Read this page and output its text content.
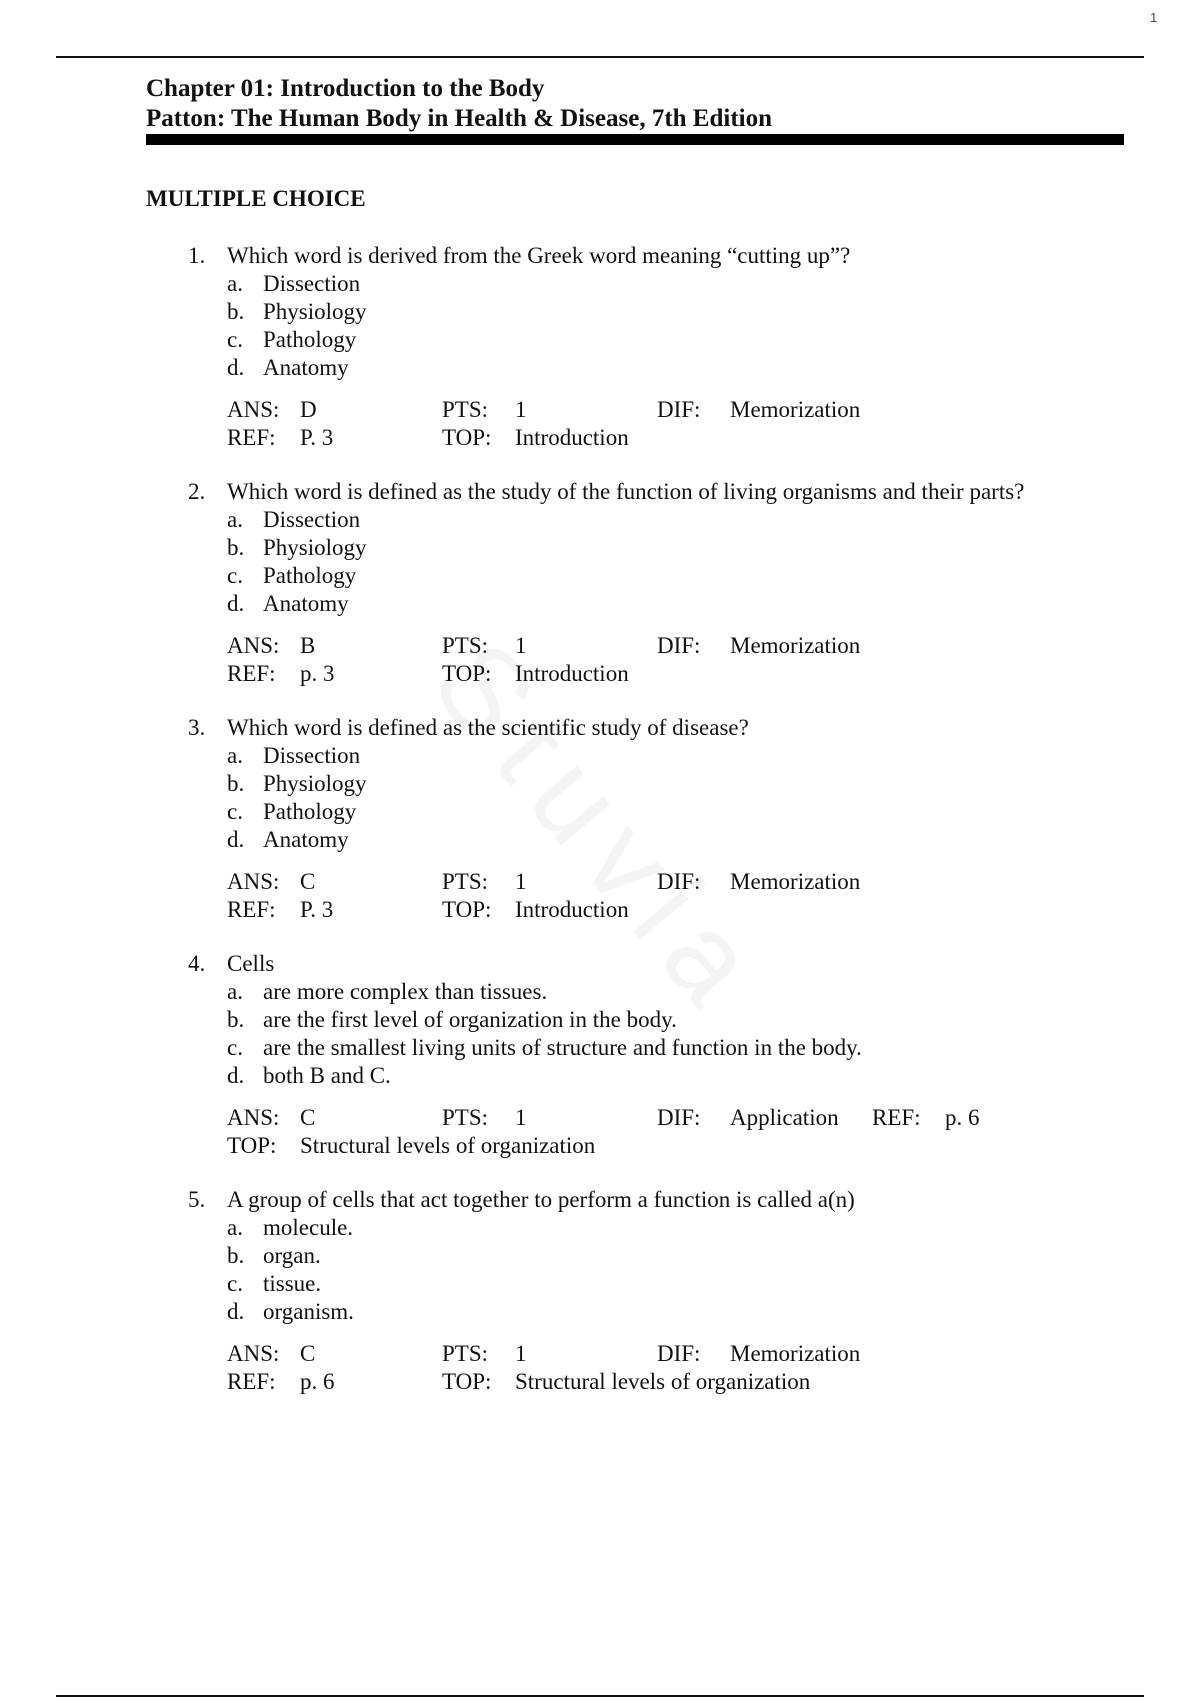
1
Chapter 01: Introduction to the Body
Patton: The Human Body in Health & Disease, 7th Edition
MULTIPLE CHOICE
1. Which word is derived from the Greek word meaning “cutting up”?
a. Dissection
b. Physiology
c. Pathology
d. Anatomy
ANS: D	PTS: 1	DIF: Memorization
REF: P. 3	TOP: Introduction
2. Which word is defined as the study of the function of living organisms and their parts?
a. Dissection
b. Physiology
c. Pathology
d. Anatomy
ANS: B	PTS: 1	DIF: Memorization
REF: p. 3	TOP: Introduction
3. Which word is defined as the scientific study of disease?
a. Dissection
b. Physiology
c. Pathology
d. Anatomy
ANS: C	PTS: 1	DIF: Memorization
REF: P. 3	TOP: Introduction
4. Cells
a. are more complex than tissues.
b. are the first level of organization in the body.
c. are the smallest living units of structure and function in the body.
d. both B and C.
ANS: C	PTS: 1	DIF: Application REF: p. 6
TOP: Structural levels of organization
5. A group of cells that act together to perform a function is called a(n)
a. molecule.
b. organ.
c. tissue.
d. organism.
ANS: C	PTS: 1	DIF: Memorization
REF: p. 6	TOP: Structural levels of organization
